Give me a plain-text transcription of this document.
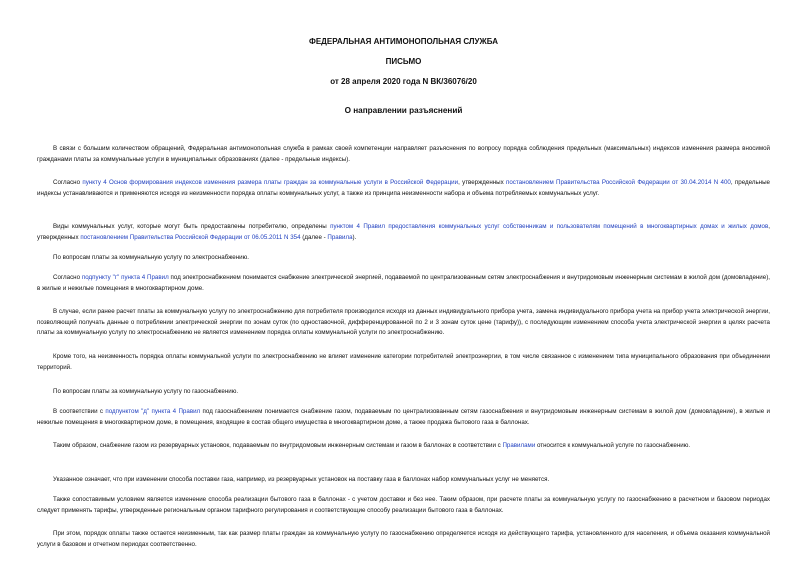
ФЕДЕРАЛЬНАЯ АНТИМОНОПОЛЬНАЯ СЛУЖБА
ПИСЬМО
от 28 апреля 2020 года N ВК/36076/20
О направлении разъяснений

В связи с большим количеством обращений, Федеральная антимонопольная служба в рамках своей компетенции направляет разъяснения по вопросу порядка соблюдения предельных (максимальных) индексов изменения размера вносимой гражданами платы за коммунальные услуги в муниципальных образованиях (далее - предельные индексы).

Согласно пункту 4 Основ формирования индексов изменения размера платы граждан за коммунальные услуги в Российской Федерации, утвержденных постановлением Правительства Российской Федерации от 30.04.2014 N 400, предельные индексы устанавливаются и применяются исходя из неизменности порядка оплаты коммунальных услуг, а также из принципа неизменности набора и объема потребляемых коммунальных услуг.

Виды коммунальных услуг, которые могут быть предоставлены потребителю, определены пунктом 4 Правил предоставления коммунальных услуг собственникам и пользователям помещений в многоквартирных домах и жилых домов, утвержденных постановлением Правительства Российской Федерации от 06.05.2011 N 354 (далее - Правила).

По вопросам платы за коммунальную услугу по электроснабжению.

Согласно подпункту "г" пункта 4 Правил под электроснабжением понимается снабжение электрической энергией, подаваемой по централизованным сетям электроснабжения и внутридомовым инженерным системам в жилой дом (домовладение), в жилые и нежилые помещения в многоквартирном доме.

В случае, если ранее расчет платы за коммунальную услугу по электроснабжению для потребителя производился исходя из данных индивидуального прибора учета, замена индивидуального прибора учета на прибор учета электрической энергии, позволяющий получать данные о потреблении электрической энергии по зонам суток (по одноставочной, дифференцированной по 2 и 3 зонам суток цене (тарифу)), с последующим изменением способа учета электрической энергии в целях расчета платы за коммунальную услугу по электроснабжению не является изменением порядка оплаты коммунальной услуги по электроснабжению.

Кроме того, на неизменность порядка оплаты коммунальной услуги по электроснабжению не влияет изменение категории потребителей электроэнергии, в том числе связанное с изменением типа муниципального образования при объединении территорий.

По вопросам платы за коммунальную услугу по газоснабжению.

В соответствии с подпунктом "д" пункта 4 Правил под газоснабжением понимается снабжение газом, подаваемым по централизованным сетям газоснабжения и внутридомовым инженерным системам в жилой дом (домовладение), в жилые и нежилые помещения в многоквартирном доме, в помещения, входящие в состав общего имущества в многоквартирном доме, а также продажа бытового газа в баллонах.

Таким образом, снабжение газом из резервуарных установок, подаваемым по внутридомовым инженерным системам и газом в баллонах в соответствии с Правилами относится к коммунальной услуге по газоснабжению.

Указанное означает, что при изменении способа поставки газа, например, из резервуарных установок на поставку газа в баллонах набор коммунальных услуг не меняется.

Также сопоставимым условием является изменение способа реализации бытового газа в баллонах - с учетом доставки и без нее. Таким образом, при расчете платы за коммунальную услугу по газоснабжению в расчетном и базовом периодах следует применять тарифы, утвержденные региональным органом тарифного регулирования и соответствующие способу реализации бытового газа в баллонах.

При этом, порядок оплаты также остается неизменным, так как размер платы граждан за коммунальную услугу по газоснабжению определяется исходя из действующего тарифа, установленного для населения, и объема оказания коммунальной услуги в базовом и отчетном периодах соответственно.
